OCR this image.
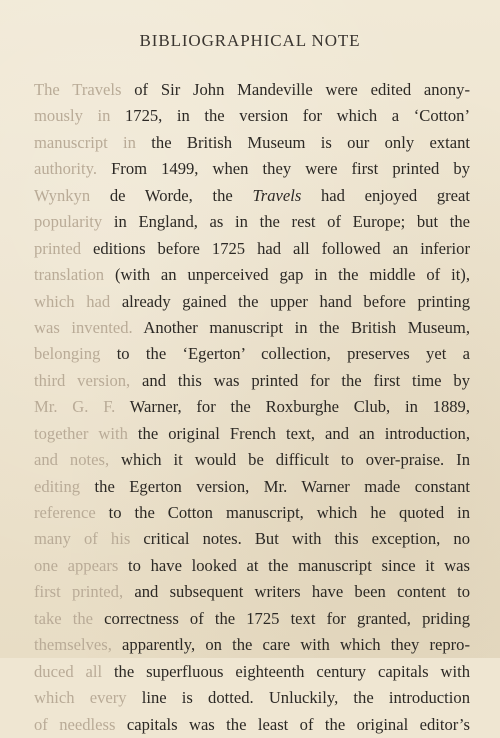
BIBLIOGRAPHICAL NOTE
The Travels of Sir John Mandeville were edited anony-
mously in 1725, in the version for which a ‘Cotton’
manuscript in the British Museum is our only extant
authority. From 1499, when they were first printed by
Wynkyn de Worde, the Travels had enjoyed great
popularity in England, as in the rest of Europe; but the
printed editions before 1725 had all followed an inferior
translation (with an unperceived gap in the middle of it),
which had already gained the upper hand before printing
was invented. Another manuscript in the British Museum,
belonging to the ‘Egerton’ collection, preserves yet a
third version, and this was printed for the first time by
Mr. G. F. Warner, for the Roxburghe Club, in 1889,
together with the original French text, and an introduction,
and notes, which it would be difficult to over-praise. In
editing the Egerton version, Mr. Warner made constant
reference to the Cotton manuscript, which he quoted in
many of his critical notes. But with this exception, no
one appears to have looked at the manuscript since it was
first printed, and subsequent writers have been content to
take the correctness of the 1725 text for granted, priding
themselves, apparently, on the care with which they repro-
duced all the superfluous eighteenth century capitals with
which every line is dotted. Unluckily, the introduction
of needless capitals was the least of the original editor’s
